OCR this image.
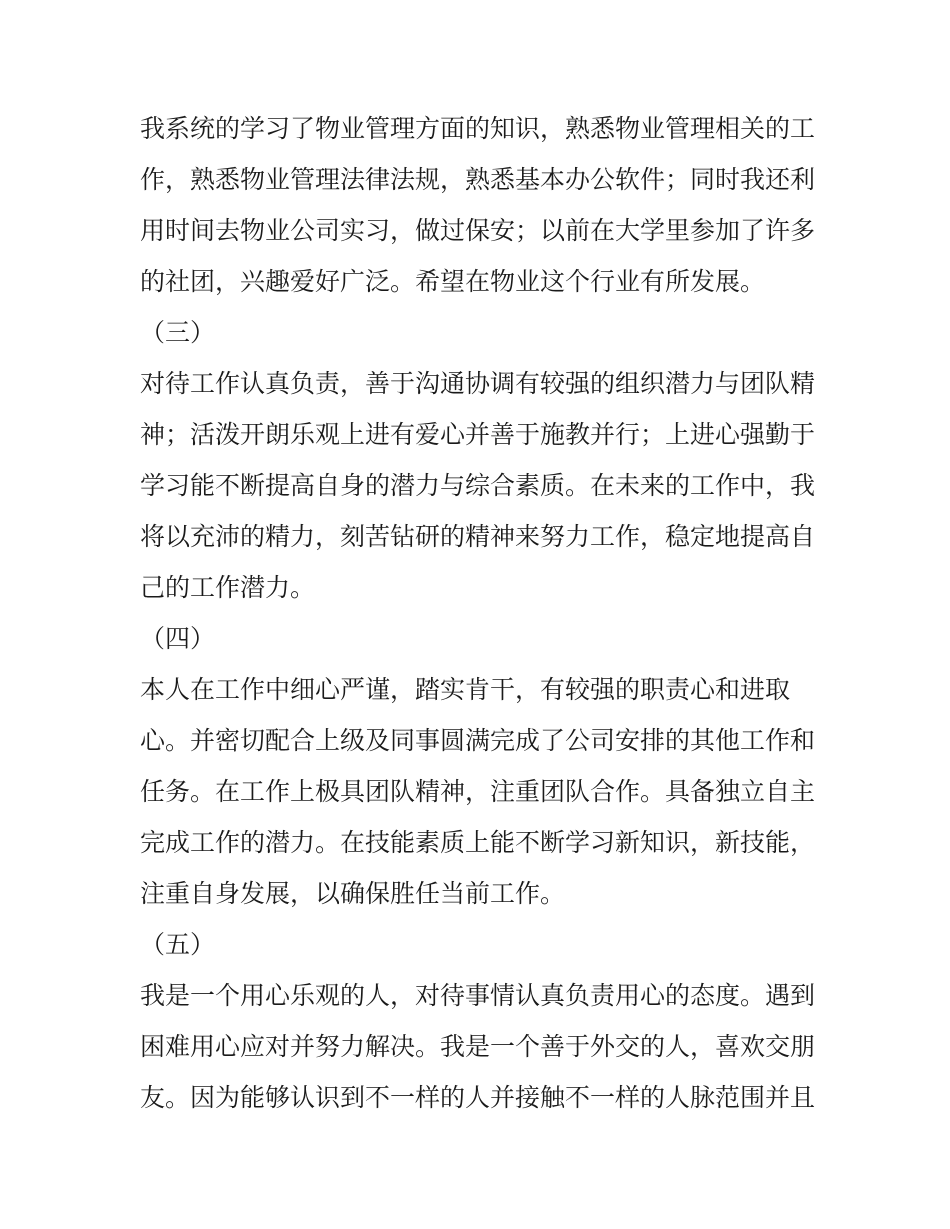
我系统的学习了物业管理方面的知识，熟悉物业管理相关的工
作，熟悉物业管理法律法规，熟悉基本办公软件；同时我还利
用时间去物业公司实习，做过保安；以前在大学里参加了许多
的社团，兴趣爱好广泛。希望在物业这个行业有所发展。
（三）
对待工作认真负责，善于沟通协调有较强的组织潜力与团队精
神；活泼开朗乐观上进有爱心并善于施教并行；上进心强勤于
学习能不断提高自身的潜力与综合素质。在未来的工作中，我
将以充沛的精力，刻苦钻研的精神来努力工作，稳定地提高自
己的工作潜力。
（四）
本人在工作中细心严谨，踏实肯干，有较强的职责心和进取
心。并密切配合上级及同事圆满完成了公司安排的其他工作和
任务。在工作上极具团队精神，注重团队合作。具备独立自主
完成工作的潜力。在技能素质上能不断学习新知识，新技能，
注重自身发展，以确保胜任当前工作。
（五）
我是一个用心乐观的人，对待事情认真负责用心的态度。遇到
困难用心应对并努力解决。我是一个善于外交的人，喜欢交朋
友。因为能够认识到不一样的人并接触不一样的人脉范围并且
